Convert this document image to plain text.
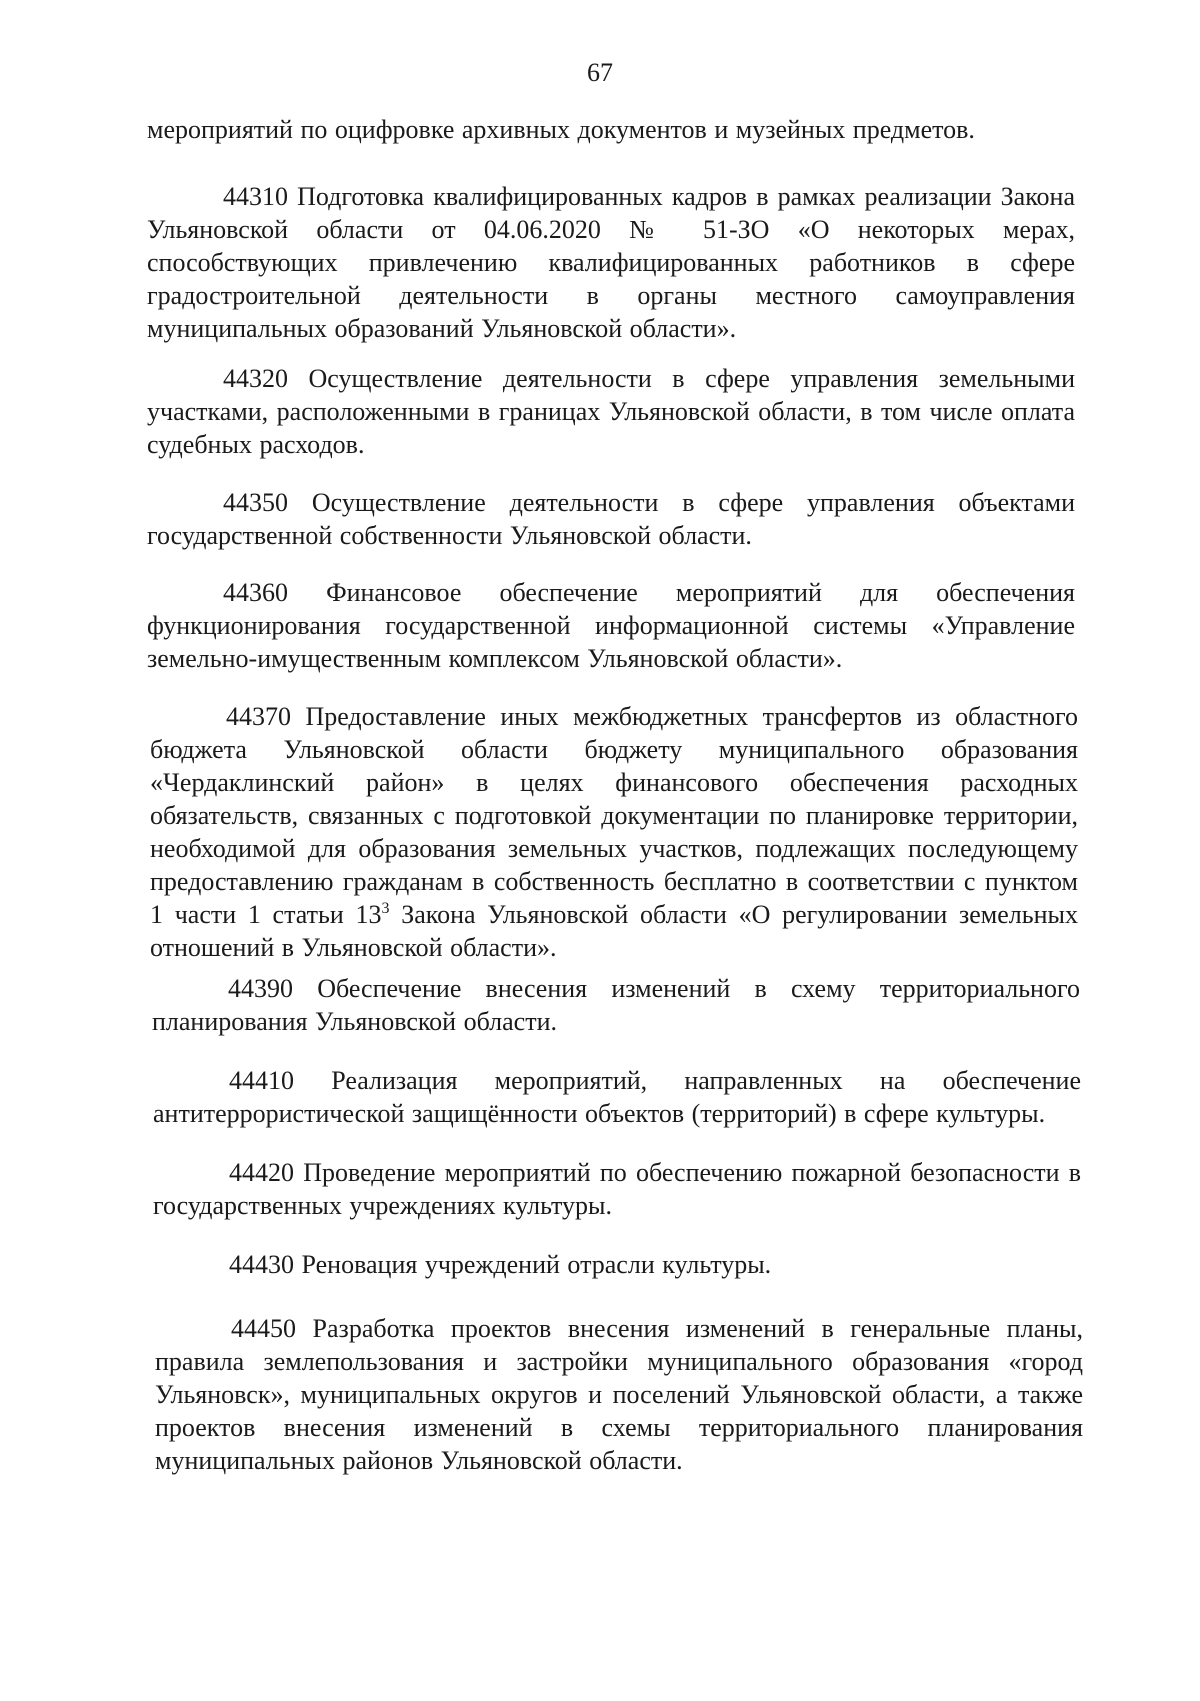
67

мероприятий по оцифровке архивных документов и музейных предметов.

44310 Подготовка квалифицированных кадров в рамках реализации Закона Ульяновской области от 04.06.2020 № 51-ЗО «О некоторых мерах, способствующих привлечению квалифицированных работников в сфере градостроительной деятельности в органы местного самоуправления муниципальных образований Ульяновской области».

44320 Осуществление деятельности в сфере управления земельными участками, расположенными в границах Ульяновской области, в том числе оплата судебных расходов.

44350 Осуществление деятельности в сфере управления объектами государственной собственности Ульяновской области.

44360 Финансовое обеспечение мероприятий для обеспечения функционирования государственной информационной системы «Управление земельно-имущественным комплексом Ульяновской области».

44370 Предоставление иных межбюджетных трансфертов из областного бюджета Ульяновской области бюджету муниципального образования «Чердаклинский район» в целях финансового обеспечения расходных обязательств, связанных с подготовкой документации по планировке территории, необходимой для образования земельных участков, подлежащих последующему предоставлению гражданам в собственность бесплатно в соответствии с пунктом 1 части 1 статьи $13^3$ Закона Ульяновской области «О регулировании земельных отношений в Ульяновской области».

44390 Обеспечение внесения изменений в схему территориального планирования Ульяновской области.

44410 Реализация мероприятий, направленных на обеспечение антитеррористической защищённости объектов (территорий) в сфере культуры.

44420 Проведение мероприятий по обеспечению пожарной безопасности в государственных учреждениях культуры.

44430 Реновация учреждений отрасли культуры.

44450 Разработка проектов внесения изменений в генеральные планы, правила землепользования и застройки муниципального образования «город Ульяновск», муниципальных округов и поселений Ульяновской области, а также проектов внесения изменений в схемы территориального планирования муниципальных районов Ульяновской области.
